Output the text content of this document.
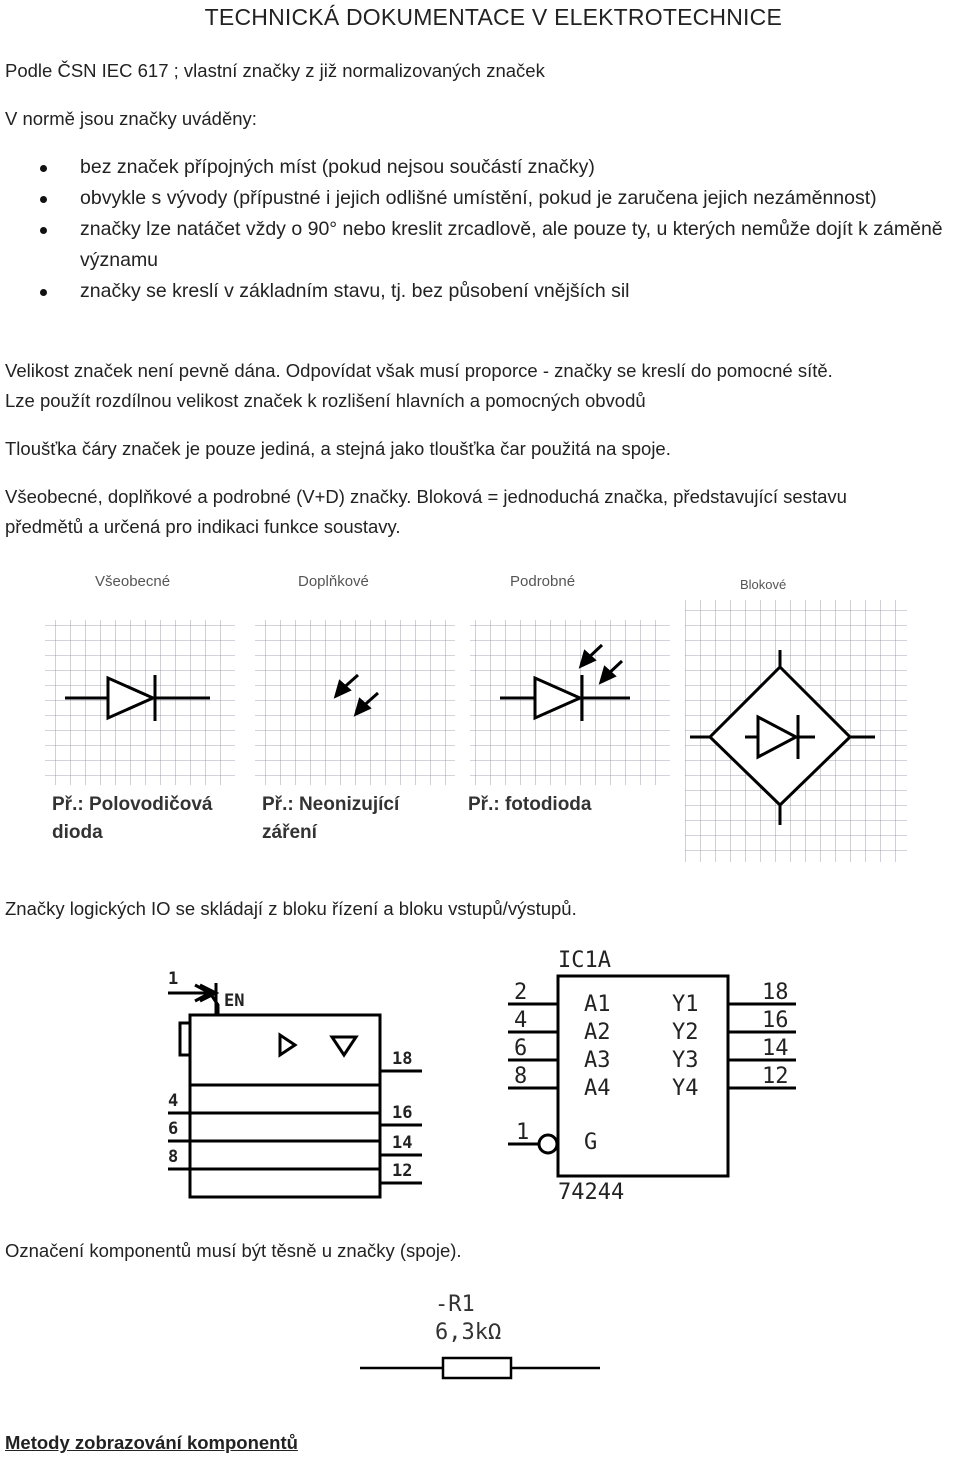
TECHNICKÁ DOKUMENTACE V ELEKTROTECHNICE
Podle ČSN IEC 617 ; vlastní značky z již normalizovaných značek
V normě jsou značky uváděny:
bez značek přípojných míst (pokud nejsou součástí značky)
obvykle s vývody (přípustné i jejich odlišné umístění, pokud je zaručena jejich nezáměnnost)
značky lze natáčet vždy o 90° nebo kreslit zrcadlově, ale pouze ty, u kterých nemůže dojít k záměně významu
značky se kreslí v základním stavu, tj. bez působení vnějších sil
Velikost značek není pevně dána. Odpovídat však musí proporce - značky se kreslí do pomocné sítě.
Lze použít rozdílnou velikost značek k rozlišení hlavních a pomocných obvodů
Tloušťka čáry značek je pouze jediná, a stejná jako tloušťka čar použitá na spoje.
Všeobecné, doplňkové a podrobné (V+D) značky. Bloková = jednoduchá značka, představující sestavu
předmětů a určená pro indikaci funkce soustavy.
Všeobecné	Doplňkové	Podrobné	Blokové
Př.: Polovodičová
dioda
Př.: Neonizující
záření
Př.: fotodioda
Značky logických IO se skládají z bloku řízení a bloku vstupů/výstupů.
1
EN
4
6
8
18
16
14
12
IC1A
2
4
6
8
A1
A2
A3
A4
Y1
Y2
Y3
Y4
18
16
14
12
1 G
74244
Označení komponentů musí být těsně u značky (spoje).
-R1
6,3kΩ
Metody zobrazování komponentů
